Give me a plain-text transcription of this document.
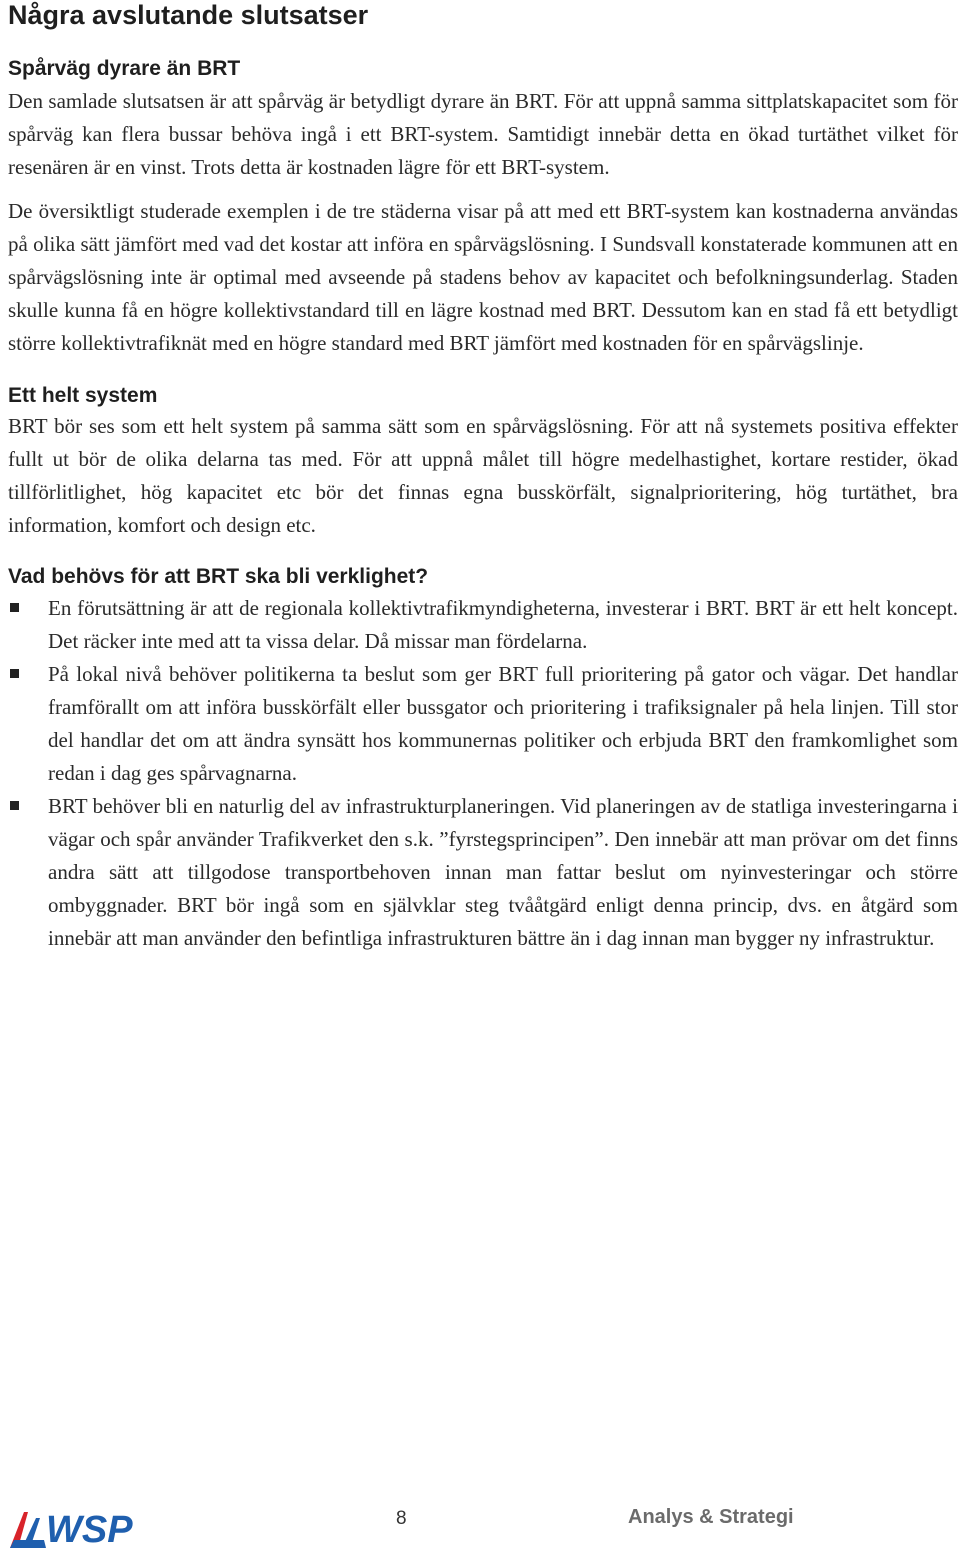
Några avslutande slutsatser
Spårväg dyrare än BRT

Den samlade slutsatsen är att spårväg är betydligt dyrare än BRT. För att uppnå samma sittplatskapacitet som för spårväg kan flera bussar behöva ingå i ett BRT-system. Samtidigt innebär detta en ökad turtäthet vilket för resenären är en vinst. Trots detta är kostnaden lägre för ett BRT-system.

De översiktligt studerade exemplen i de tre städerna visar på att med ett BRT-system kan kostnaderna användas på olika sätt jämfört med vad det kostar att införa en spårvägslösning. I Sundsvall konstaterade kommunen att en spårvägslösning inte är optimal med avseende på stadens behov av kapacitet och befolkningsunderlag. Staden skulle kunna få en högre kollektivstandard till en lägre kostnad med BRT. Dessutom kan en stad få ett betydligt större kollektivtrafiknät med en högre standard med BRT jämfört med kostnaden för en spårvägslinje.

Ett helt system

BRT bör ses som ett helt system på samma sätt som en spårvägslösning. För att nå systemets positiva effekter fullt ut bör de olika delarna tas med. För att uppnå målet till högre medelhastighet, kortare restider, ökad tillförlitlighet, hög kapacitet etc bör det finnas egna busskörfält, signalprioritering, hög turtäthet, bra information, komfort och design etc.

Vad behövs för att BRT ska bli verklighet?

En förutsättning är att de regionala kollektivtrafikmyndigheterna, investerar i BRT. BRT är ett helt koncept. Det räcker inte med att ta vissa delar. Då missar man fördelarna.

På lokal nivå behöver politikerna ta beslut som ger BRT full prioritering på gator och vägar. Det handlar framförallt om att införa busskörfält eller bussgator och prioritering i trafiksignaler på hela linjen. Till stor del handlar det om att ändra synsätt hos kommunernas politiker och erbjuda BRT den framkomlighet som redan i dag ges spårvagnarna.

BRT behöver bli en naturlig del av infrastrukturplaneringen. Vid planeringen av de statliga investeringarna i vägar och spår använder Trafikverket den s.k. ”fyrstegsprincipen”. Den innebär att man prövar om det finns andra sätt att tillgodose transportbehoven innan man fattar beslut om nyinvesteringar och större ombyggnader. BRT bör ingå som en självklar steg tvååtgärd enligt denna princip, dvs. en åtgärd som innebär att man använder den befintliga infrastrukturen bättre än i dag innan man bygger ny infrastruktur.

WSP	8	Analys & Strategi
